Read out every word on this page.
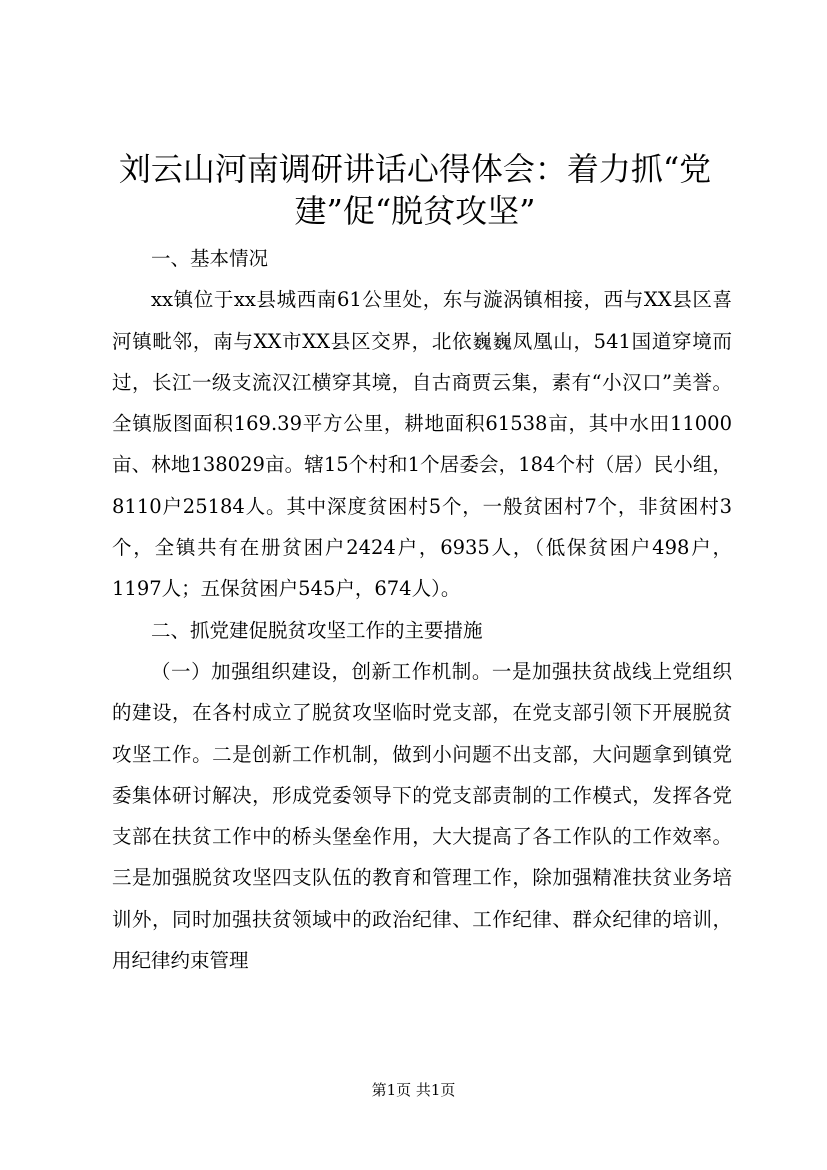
刘云山河南调研讲话心得体会：着力抓“党建”促“脱贫攻坚”

一、基本情况

xx镇位于xx县城西南61公里处，东与漩涡镇相接，西与XX县区喜河镇毗邻，南与XX市XX县区交界，北依巍巍凤凰山，541国道穿境而过，长江一级支流汉江横穿其境，自古商贾云集，素有“小汉口”美誉。全镇版图面积169.39平方公里，耕地面积61538亩，其中水田11000亩、林地138029亩。辖15个村和1个居委会，184个村（居）民小组，8110户25184人。其中深度贫困村5个，一般贫困村7个，非贫困村3个，全镇共有在册贫困户2424户，6935人，（低保贫困户498户，1197人；五保贫困户545户，674人）。

二、抓党建促脱贫攻坚工作的主要措施

（一）加强组织建设，创新工作机制。一是加强扶贫战线上党组织的建设，在各村成立了脱贫攻坚临时党支部，在党支部引领下开展脱贫攻坚工作。二是创新工作机制，做到小问题不出支部，大问题拿到镇党委集体研讨解决，形成党委领导下的党支部责制的工作模式，发挥各党支部在扶贫工作中的桥头堡垒作用，大大提高了各工作队的工作效率。三是加强脱贫攻坚四支队伍的教育和管理工作，除加强精准扶贫业务培训外，同时加强扶贫领域中的政治纪律、工作纪律、群众纪律的培训，用纪律约束管理

第1页 共1页
